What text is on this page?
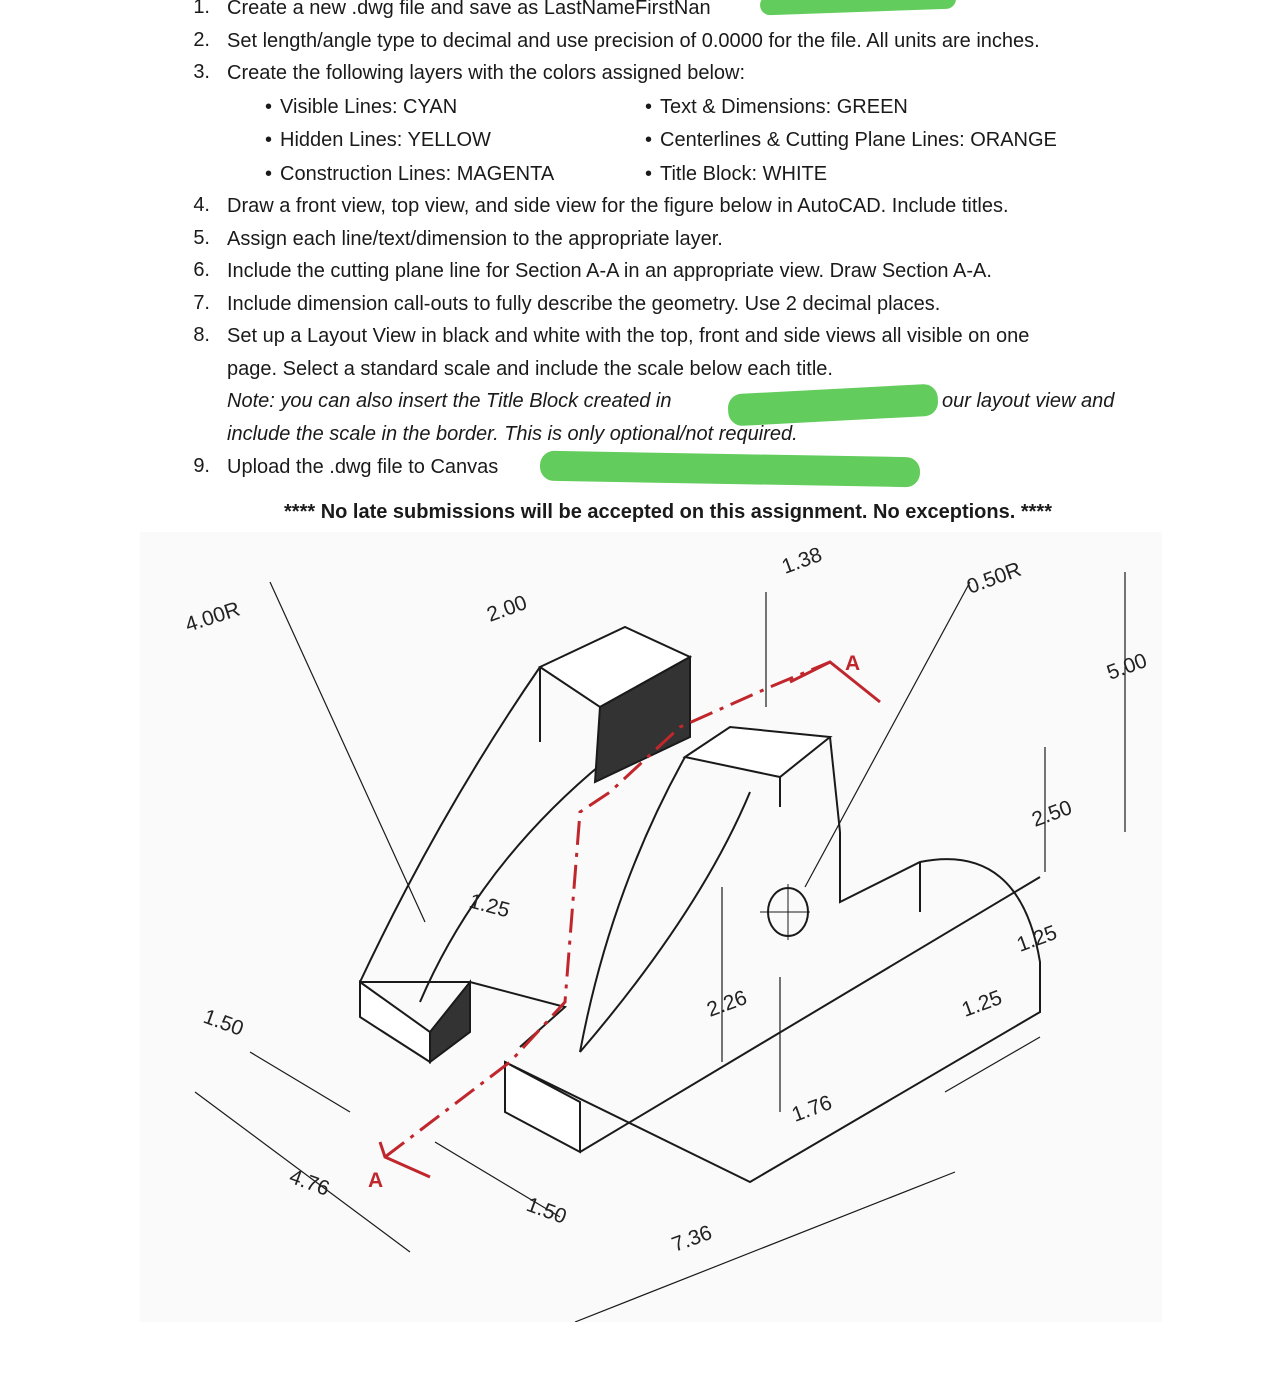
1. Create a new .dwg file and save as LastNameFirstNan
2. Set length/angle type to decimal and use precision of 0.0000 for the file. All units are inches.
3. Create the following layers with the colors assigned below:
• Visible Lines: CYAN
• Hidden Lines: YELLOW
• Construction Lines: MAGENTA
• Text & Dimensions: GREEN
• Centerlines & Cutting Plane Lines: ORANGE
• Title Block: WHITE
4. Draw a front view, top view, and side view for the figure below in AutoCAD. Include titles.
5. Assign each line/text/dimension to the appropriate layer.
6. Include the cutting plane line for Section A-A in an appropriate view. Draw Section A-A.
7. Include dimension call-outs to fully describe the geometry. Use 2 decimal places.
8. Set up a Layout View in black and white with the top, front and side views all visible on one
page. Select a standard scale and include the scale below each title.
Note: you can also insert the Title Block created in	our layout view and
include the scale in the border. This is only optional/not required.
9. Upload the .dwg file to Canvas
**** No late submissions will be accepted on this assignment. No exceptions. ****
4.00R	2.00
1.38	0.50R
5.00
2.50
1.25
1.25
1.25
2.26
1.76
1.50
1.50
4.76
7.36
A
A
